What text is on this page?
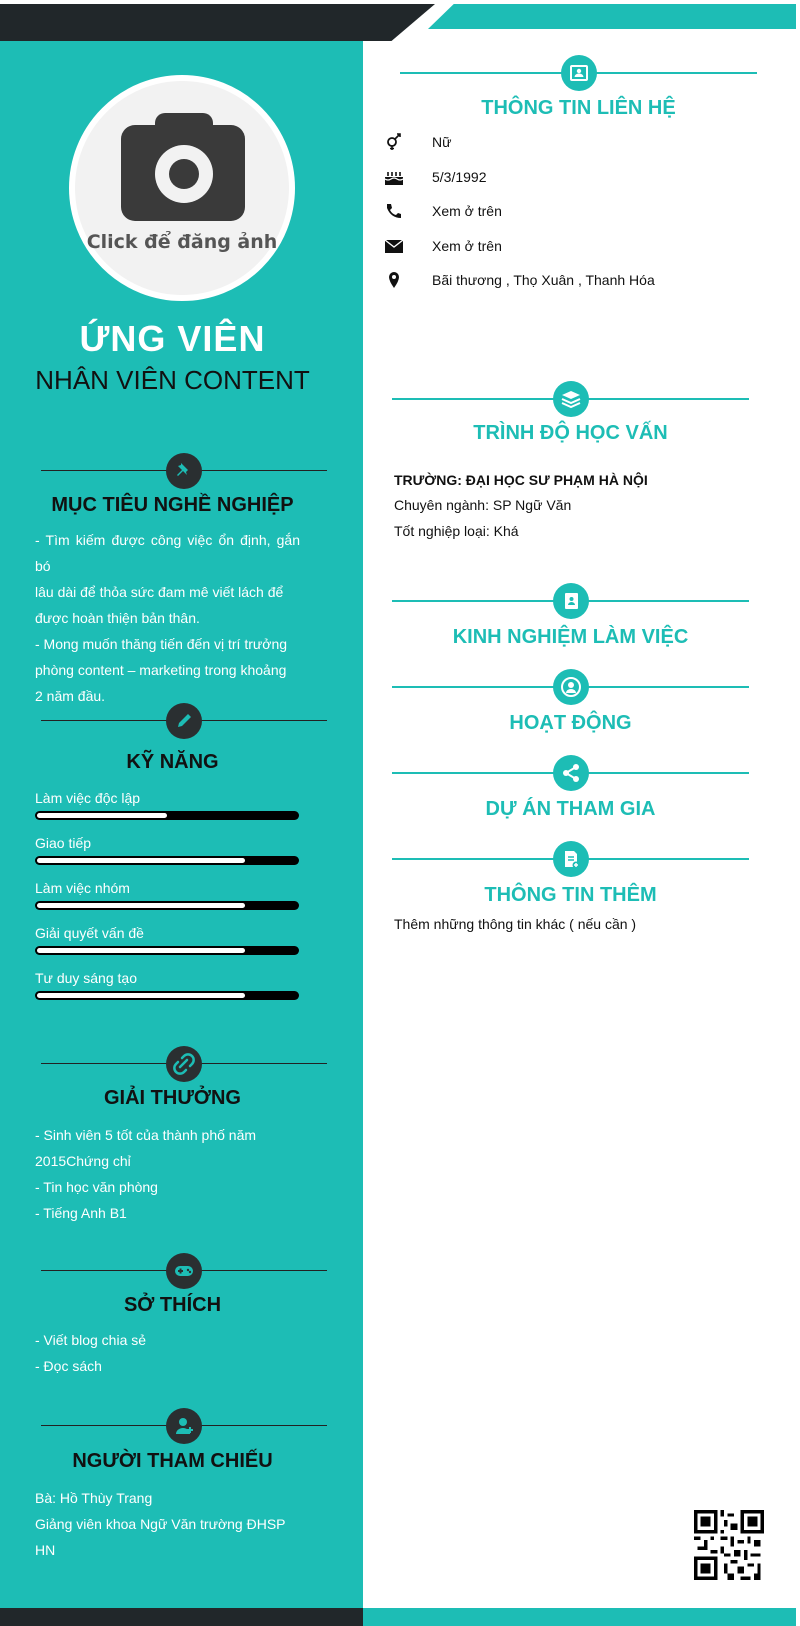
Click để đăng ảnh
ỨNG VIÊN
NHÂN VIÊN CONTENT
MỤC TIÊU NGHỀ NGHIỆP
- Tìm kiếm được công việc ổn định, gắn bó
lâu dài để thỏa sức đam mê viết lách để
được hoàn thiện bản thân.
- Mong muốn thăng tiến đến vị trí trưởng
phòng content – marketing trong khoảng
2 năm đầu.
KỸ NĂNG
Làm việc độc lập
Giao tiếp
Làm việc nhóm
Giải quyết vấn đề
Tư duy sáng tạo
GIẢI THƯỞNG
- Sinh viên 5 tốt của thành phố năm
2015Chứng chỉ
- Tin học văn phòng
- Tiếng Anh B1
SỞ THÍCH
- Viết blog chia sẻ
- Đọc sách
NGƯỜI THAM CHIẾU
Bà: Hồ Thùy Trang
Giảng viên khoa Ngữ Văn trường ĐHSP
HN
THÔNG TIN LIÊN HỆ
Nữ
5/3/1992
Xem ở trên
Xem ở trên
Bãi thương , Thọ Xuân , Thanh Hóa
TRÌNH ĐỘ HỌC VẤN
TRƯỜNG: ĐẠI HỌC SƯ PHẠM HÀ NỘI
Chuyên ngành: SP Ngữ Văn
Tốt nghiệp loại: Khá
KINH NGHIỆM LÀM VIỆC
HOẠT ĐỘNG
DỰ ÁN THAM GIA
THÔNG TIN THÊM
Thêm những thông tin khác ( nếu cần )
